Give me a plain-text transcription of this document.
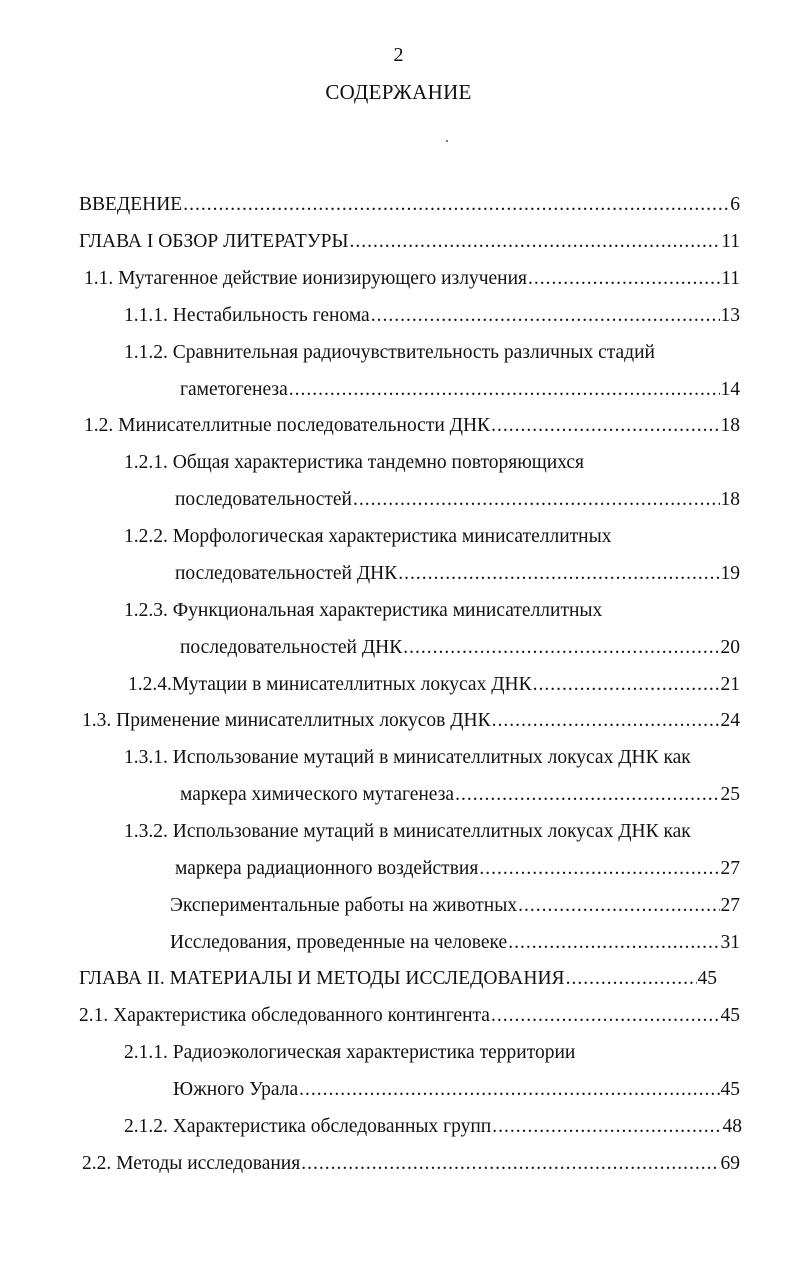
2
СОДЕРЖАНИЕ
ВВЕДЕНИЕ .....	6
ГЛАВА I ОБЗОР ЛИТЕРАТУРЫ .....	11
1.1. Мутагенное действие ионизирующего излучения .....	11
1.1.1. Нестабильность генома .....	13
1.1.2. Сравнительная радиочувствительность различных стадий
гаметогенеза .....	14
1.2. Минисателлитные последовательности ДНК .....	18
1.2.1. Общая характеристика тандемно повторяющихся
последовательностей .....	18
1.2.2. Морфологическая характеристика минисателлитных
последовательностей ДНК .....	19
1.2.3. Функциональная характеристика минисателлитных
последовательностей ДНК .....	20
1.2.4.Мутации в минисателлитных локусах ДНК .....	21
1.3. Применение минисателлитных локусов ДНК .....	24
1.3.1. Использование мутаций в минисателлитных локусах ДНК как
маркера химического мутагенеза .....	25
1.3.2. Использование мутаций в минисателлитных локусах ДНК как
маркера радиационного воздействия .....	27
Экспериментальные работы на животных .....	27
Исследования, проведенные на человеке .....	31
ГЛАВА II. МАТЕРИАЛЫ И МЕТОДЫ ИССЛЕДОВАНИЯ .....	45
2.1. Характеристика обследованного контингента .....	45
2.1.1. Радиоэкологическая характеристика территории
Южного Урала .....	45
2.1.2. Характеристика обследованных групп .....	48
2.2. Методы исследования .....	69
